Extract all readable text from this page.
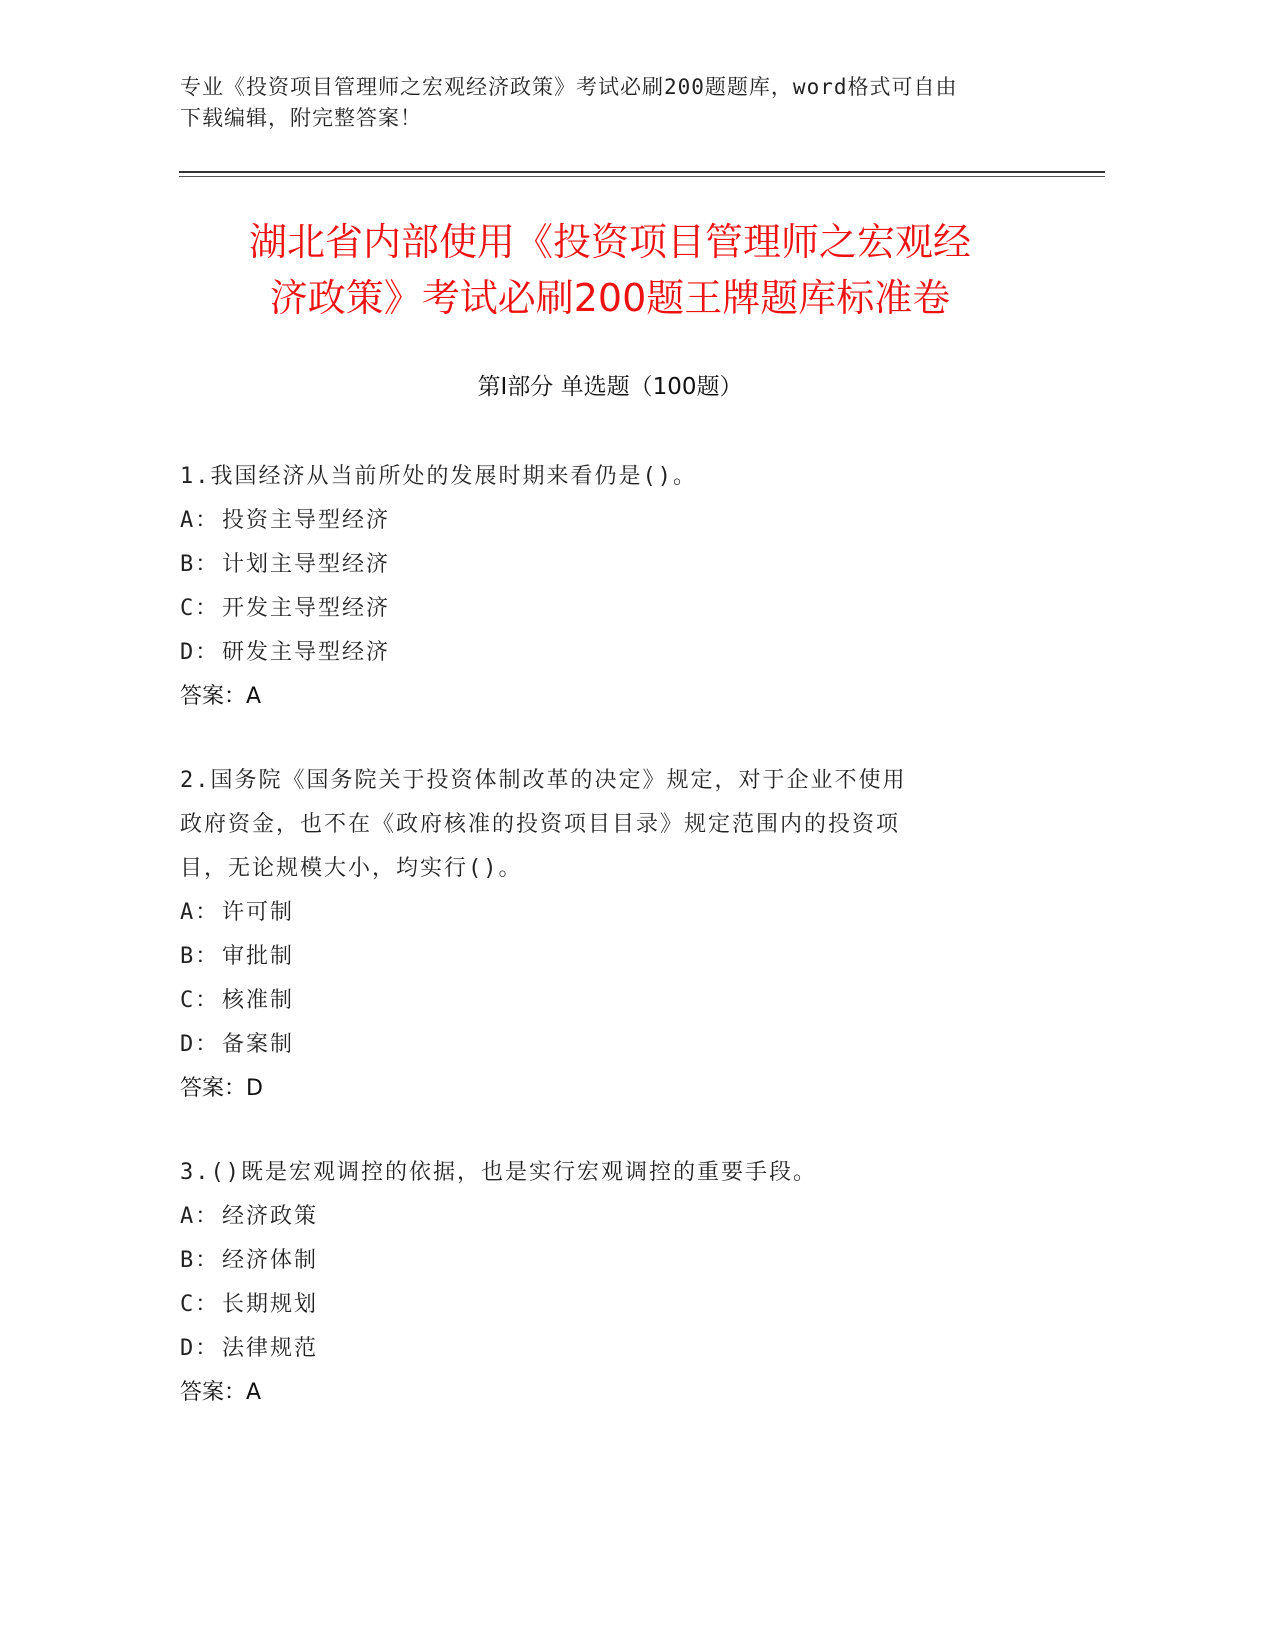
专业《投资项目管理师之宏观经济政策》考试必刷200题题库，word格式可自由
下载编辑，附完整答案！
湖北省内部使用《投资项目管理师之宏观经
济政策》考试必刷200题王牌题库标准卷
第Ⅰ部分 单选题（100题）

1.我国经济从当前所处的发展时期来看仍是()。

A： 投资主导型经济
B： 计划主导型经济
C： 开发主导型经济
D： 研发主导型经济
答案：A

2.国务院《国务院关于投资体制改革的决定》规定，对于企业不使用
政府资金，也不在《政府核准的投资项目目录》规定范围内的投资项
目，无论规模大小，均实行()。

A： 许可制
B： 审批制
C： 核准制
D： 备案制
答案：D

3.()既是宏观调控的依据，也是实行宏观调控的重要手段。

A： 经济政策
B： 经济体制
C： 长期规划
D： 法律规范
答案：A
